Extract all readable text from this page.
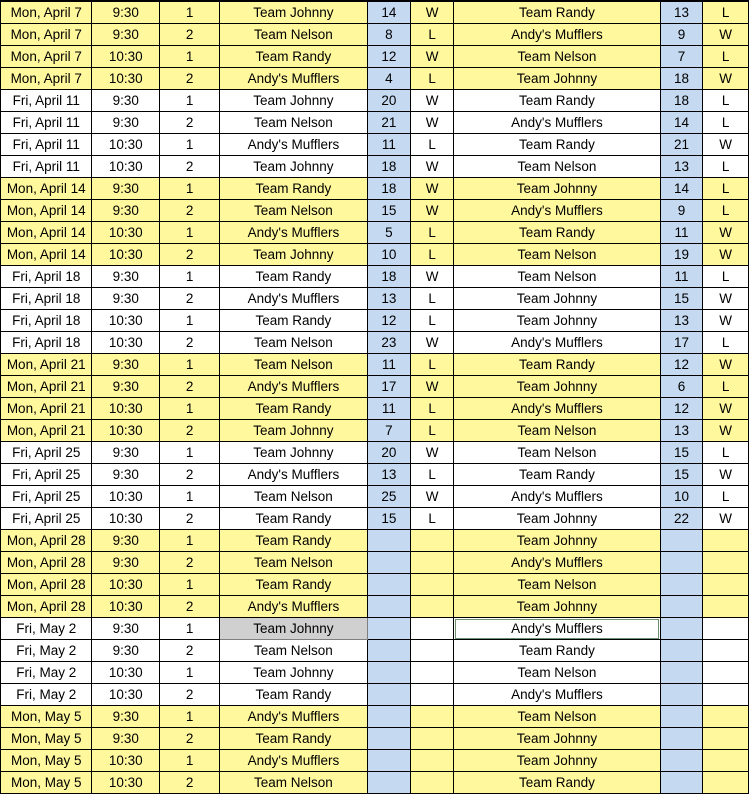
Mon, April 7	9:30	1	Team Johnny	14	W	Team Randy	13	L
Mon, April 7	9:30	2	Team Nelson	8	L	Andy's Mufflers	9	W
Mon, April 7	10:30	1	Team Randy	12	W	Team Nelson	7	L
Mon, April 7	10:30	2	Andy's Mufflers	4	L	Team Johnny	18	W
Fri, April 11	9:30	1	Team Johnny	20	W	Team Randy	18	L
Fri, April 11	9:30	2	Team Nelson	21	W	Andy's Mufflers	14	L
Fri, April 11	10:30	1	Andy's Mufflers	11	L	Team Randy	21	W
Fri, April 11	10:30	2	Team Johnny	18	W	Team Nelson	13	L
Mon, April 14	9:30	1	Team Randy	18	W	Team Johnny	14	L
Mon, April 14	9:30	2	Team Nelson	15	W	Andy's Mufflers	9	L
Mon, April 14	10:30	1	Andy's Mufflers	5	L	Team Randy	11	W
Mon, April 14	10:30	2	Team Johnny	10	L	Team Nelson	19	W
Fri, April 18	9:30	1	Team Randy	18	W	Team Nelson	11	L
Fri, April 18	9:30	2	Andy's Mufflers	13	L	Team Johnny	15	W
Fri, April 18	10:30	1	Team Randy	12	L	Team Johnny	13	W
Fri, April 18	10:30	2	Team Nelson	23	W	Andy's Mufflers	17	L
Mon, April 21	9:30	1	Team Nelson	11	L	Team Randy	12	W
Mon, April 21	9:30	2	Andy's Mufflers	17	W	Team Johnny	6	L
Mon, April 21	10:30	1	Team Randy	11	L	Andy's Mufflers	12	W
Mon, April 21	10:30	2	Team Johnny	7	L	Team Nelson	13	W
Fri, April 25	9:30	1	Team Johnny	20	W	Team Nelson	15	L
Fri, April 25	9:30	2	Andy's Mufflers	13	L	Team Randy	15	W
Fri, April 25	10:30	1	Team Nelson	25	W	Andy's Mufflers	10	L
Fri, April 25	10:30	2	Team Randy	15	L	Team Johnny	22	W
Mon, April 28	9:30	1	Team Randy			Team Johnny		
Mon, April 28	9:30	2	Team Nelson			Andy's Mufflers		
Mon, April 28	10:30	1	Team Randy			Team Nelson		
Mon, April 28	10:30	2	Andy's Mufflers			Team Johnny		
Fri, May 2	9:30	1	Team Johnny			Andy's Mufflers		
Fri, May 2	9:30	2	Team Nelson			Team Randy		
Fri, May 2	10:30	1	Team Johnny			Team Nelson		
Fri, May 2	10:30	2	Team Randy			Andy's Mufflers		
Mon, May 5	9:30	1	Andy's Mufflers			Team Nelson		
Mon, May 5	9:30	2	Team Randy			Team Johnny		
Mon, May 5	10:30	1	Andy's Mufflers			Team Johnny		
Mon, May 5	10:30	2	Team Nelson			Team Randy		
